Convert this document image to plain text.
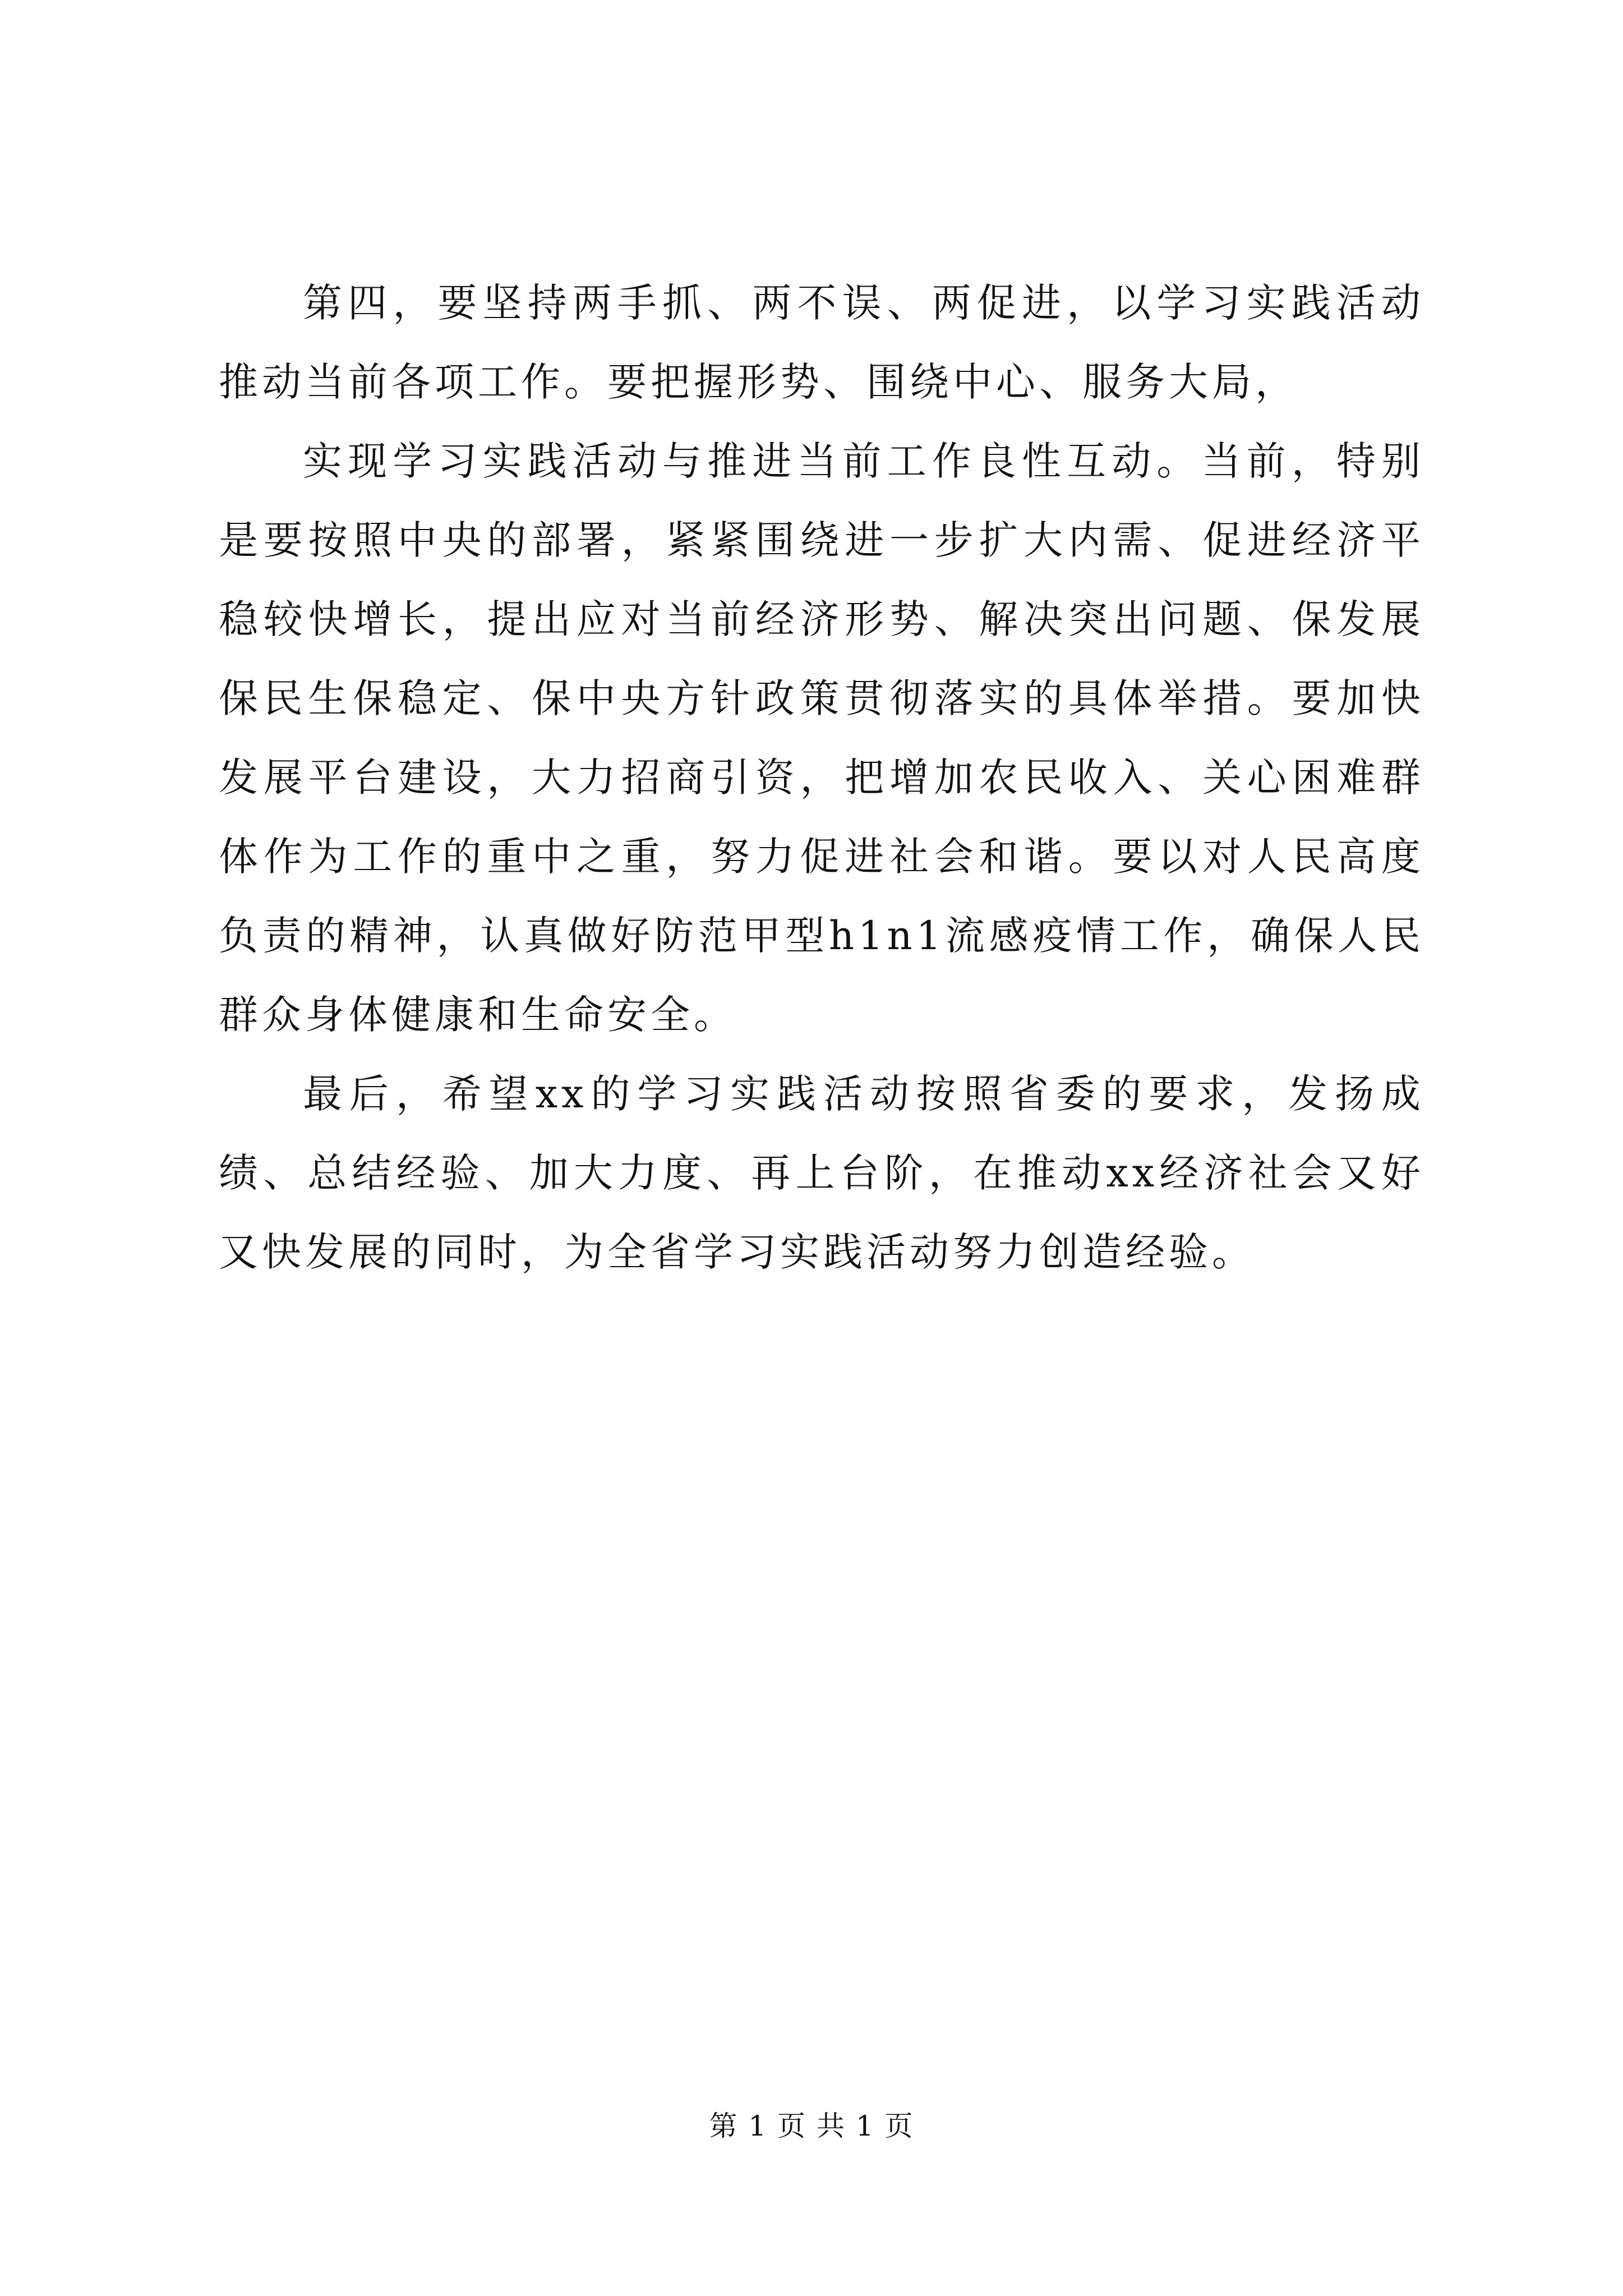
第四，要坚持两手抓、两不误、两促进，以学习实践活动推动当前各项工作。要把握形势、围绕中心、服务大局，

实现学习实践活动与推进当前工作良性互动。当前，特别是要按照中央的部署，紧紧围绕进一步扩大内需、促进经济平稳较快增长，提出应对当前经济形势、解决突出问题、保发展保民生保稳定、保中央方针政策贯彻落实的具体举措。要加快发展平台建设，大力招商引资，把增加农民收入、关心困难群体作为工作的重中之重，努力促进社会和谐。要以对人民高度负责的精神，认真做好防范甲型h1n1流感疫情工作，确保人民群众身体健康和生命安全。

最后，希望xx的学习实践活动按照省委的要求，发扬成绩、总结经验、加大力度、再上台阶，在推动xx经济社会又好又快发展的同时，为全省学习实践活动努力创造经验。

第 1 页 共 1 页
